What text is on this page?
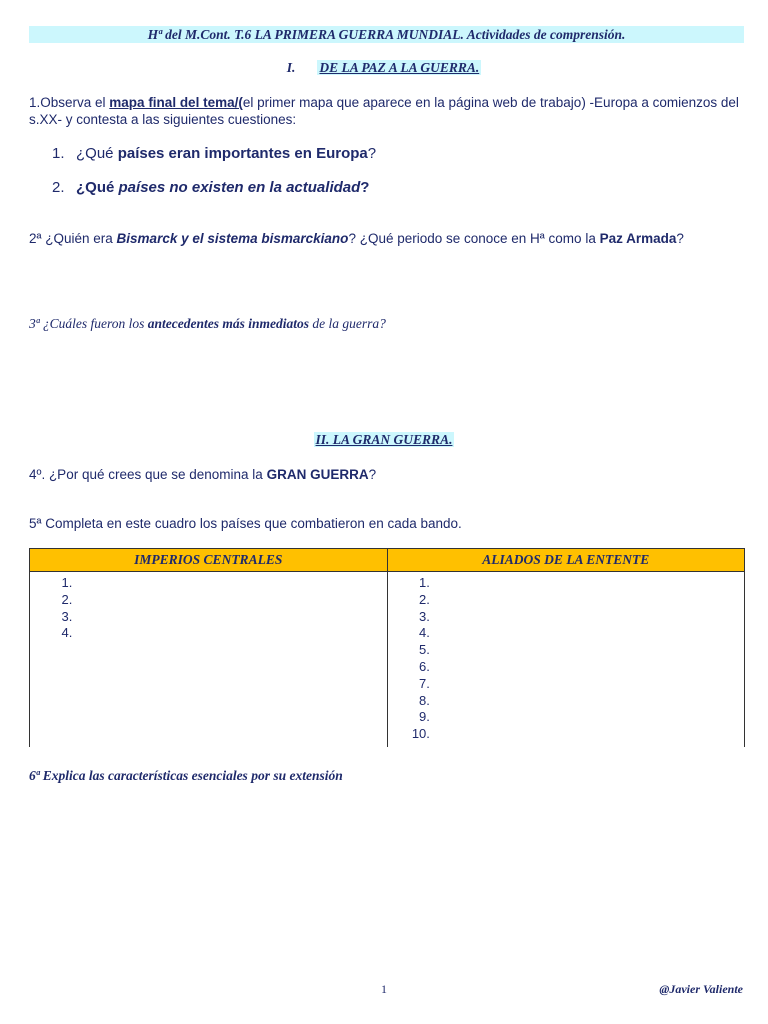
Hª del M.Cont. T.6 LA PRIMERA GUERRA MUNDIAL. Actividades de comprensión.
I. DE LA PAZ A LA GUERRA.
1.Observa el mapa final del tema/(el primer mapa que aparece en la página web de trabajo) -Europa a comienzos del s.XX- y contesta a las siguientes cuestiones:
1. ¿Qué países eran importantes en Europa?
2. ¿Qué países no existen en la actualidad?
2ª ¿Quién era Bismarck y el sistema bismarckiano? ¿Qué periodo se conoce en Hª como la Paz Armada?
3ª ¿Cuáles fueron los antecedentes más inmediatos de la guerra?
II. LA GRAN GUERRA.
4º. ¿Por qué crees que se denomina la GRAN GUERRA?
5ª Completa en este cuadro los países que combatieron en cada bando.
IMPERIOS CENTRALES	ALIADOS DE LA ENTENTE

1.
2.
3.
4.

1.
2.
3.
4.
5.
6.
7.
8.
9.
10.
6ª Explica las características esenciales por su extensión
1	@Javier Valiente
